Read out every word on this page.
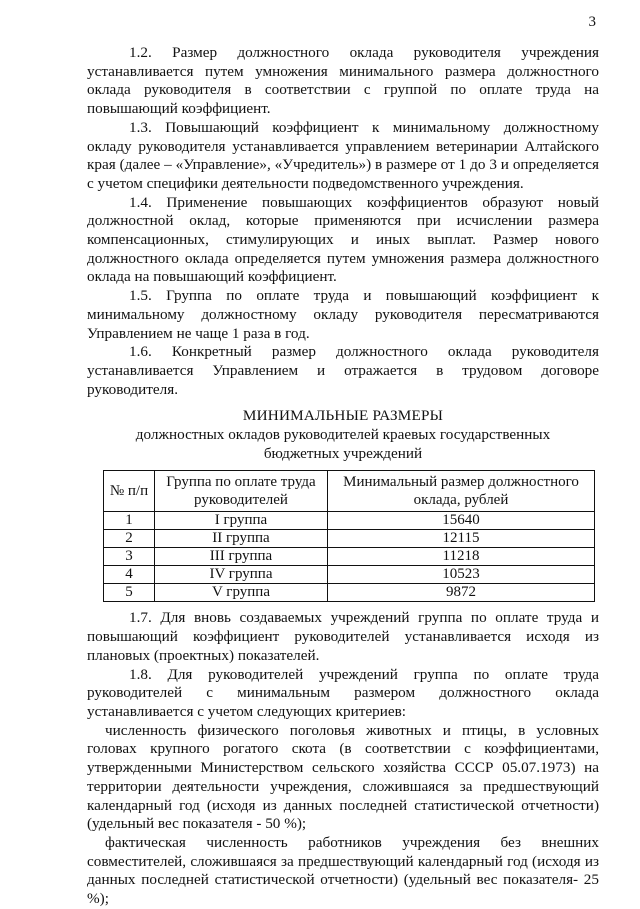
3

1.2. Размер должностного оклада руководителя учреждения устанавливается путем умножения минимального размера должностного оклада руководителя в соответствии с группой по оплате труда на повышающий коэффициент.

1.3. Повышающий коэффициент к минимальному должностному окладу руководителя устанавливается управлением ветеринарии Алтайского края (далее – «Управление», «Учредитель») в размере от 1 до 3 и определяется с учетом специфики деятельности подведомственного учреждения.

1.4. Применение повышающих коэффициентов образуют новый должностной оклад, которые применяются при исчислении размера компенсационных, стимулирующих и иных выплат. Размер нового должностного оклада определяется путем умножения размера должностного оклада на повышающий коэффициент.

1.5. Группа по оплате труда и повышающий коэффициент к минимальному должностному окладу руководителя пересматриваются Управлением не чаще 1 раза в год.

1.6. Конкретный размер должностного оклада руководителя устанавливается Управлением и отражается в трудовом договоре руководителя.

МИНИМАЛЬНЫЕ РАЗМЕРЫ
должностных окладов руководителей краевых государственных
бюджетных учреждений
№ п/п	Группа по оплате труда руководителей	Минимальный размер должностного оклада, рублей
1	I группа	15640
2	II группа	12115
3	III группа	11218
4	IV группа	10523
5	V группа	9872

1.7. Для вновь создаваемых учреждений группа по оплате труда и повышающий коэффициент руководителей устанавливается исходя из плановых (проектных) показателей.

1.8. Для руководителей учреждений группа по оплате труда руководителей с минимальным размером должностного оклада устанавливается с учетом следующих критериев:

численность физического поголовья животных и птицы, в условных головах крупного рогатого скота (в соответствии с коэффициентами, утвержденными Министерством сельского хозяйства СССР 05.07.1973) на территории деятельности учреждения, сложившаяся за предшествующий календарный год (исходя из данных последней статистической отчетности) (удельный вес показателя - 50 %);

фактическая численность работников учреждения без внешних совместителей, сложившаяся за предшествующий календарный год (исходя из данных последней статистической отчетности) (удельный вес показателя- 25 %);
